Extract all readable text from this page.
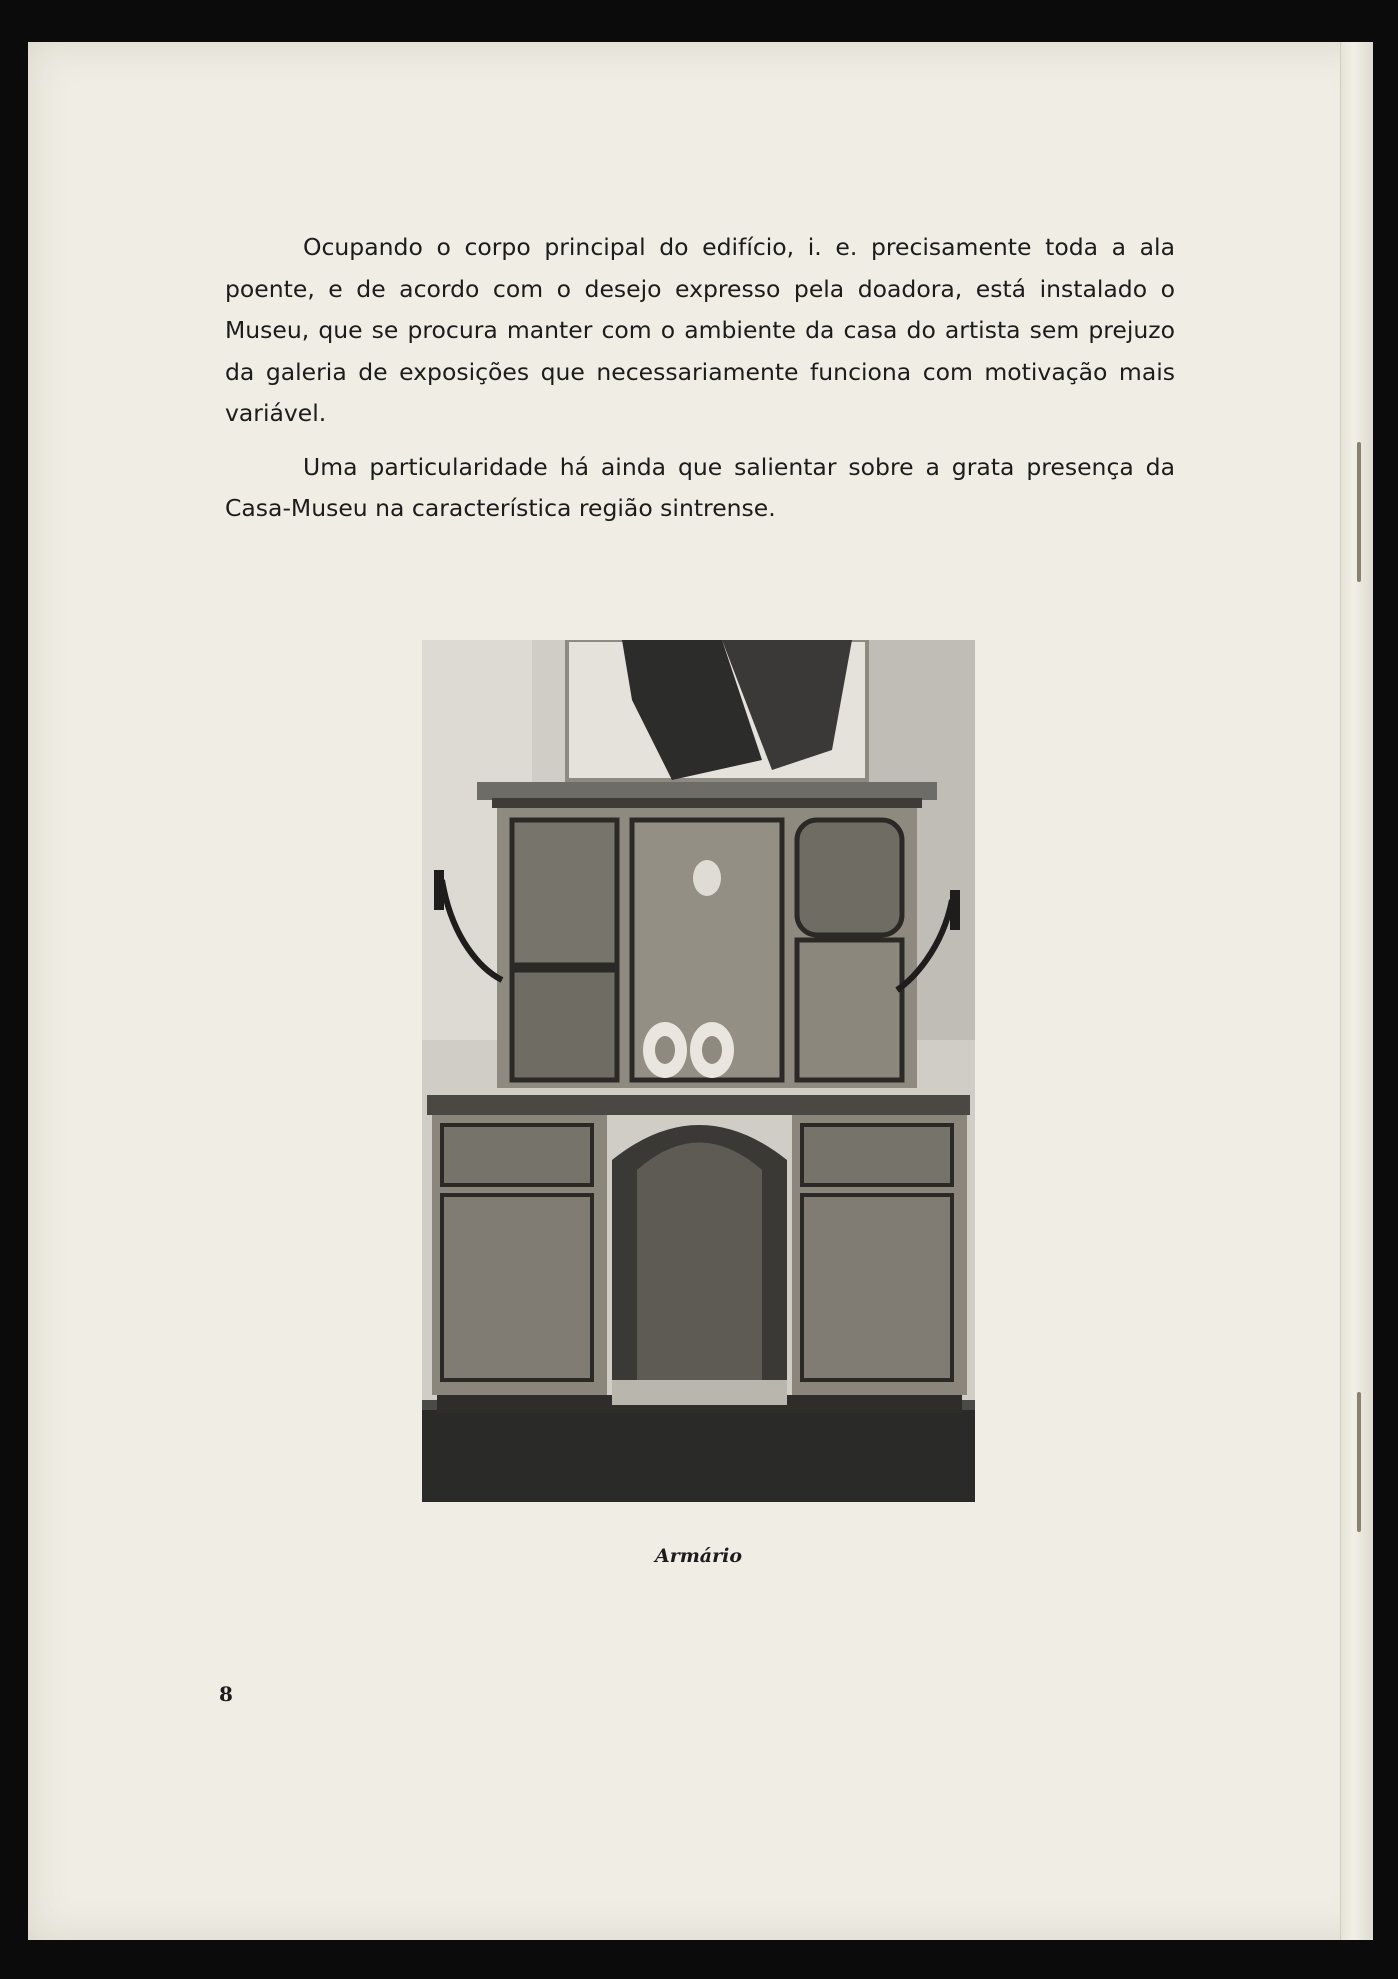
Ocupando o corpo principal do edifício, i. e. precisamente toda a ala poente, e de acordo com o desejo expresso pela doadora, está instalado o Museu, que se procura manter com o ambiente da casa do artista sem prejuzo da galeria de exposições que necessariamente funciona com motivação mais variável.

Uma particularidade há ainda que salientar sobre a grata presença da Casa-Museu na característica região sintrense.

Armário
8
